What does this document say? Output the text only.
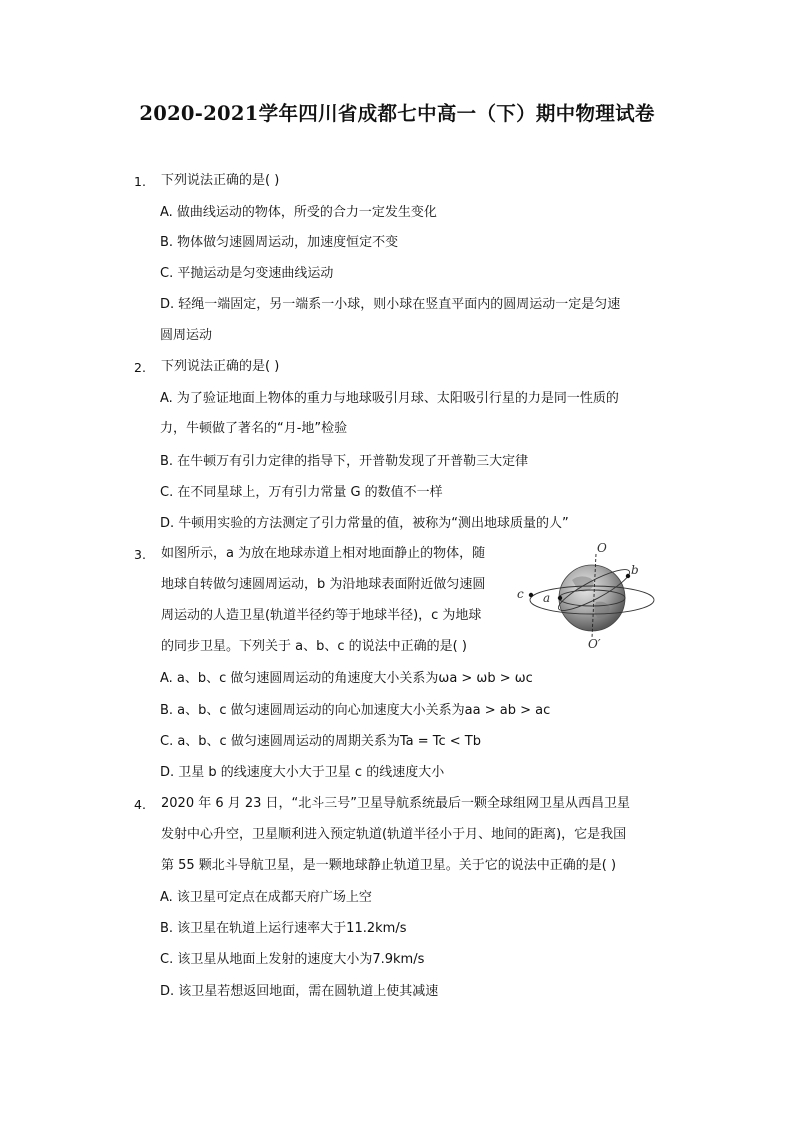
2020-2021学年四川省成都七中高一（下）期中物理试卷
1. 下列说法正确的是( )
A. 做曲线运动的物体，所受的合力一定发生变化
B. 物体做匀速圆周运动，加速度恒定不变
C. 平抛运动是匀变速曲线运动
D. 轻绳一端固定，另一端系一小球，则小球在竖直平面内的圆周运动一定是匀速
圆周运动
2. 下列说法正确的是( )
A. 为了验证地面上物体的重力与地球吸引月球、太阳吸引行星的力是同一性质的
力，牛顿做了著名的“月-地”检验
B. 在牛顿万有引力定律的指导下，开普勒发现了开普勒三大定律
C. 在不同星球上，万有引力常量 G 的数值不一样
D. 牛顿用实验的方法测定了引力常量的值，被称为“测出地球质量的人”
3. 如图所示，a 为放在地球赤道上相对地面静止的物体，随
地球自转做匀速圆周运动，b 为沿地球表面附近做匀速圆
周运动的人造卫星(轨道半径约等于地球半径)，c 为地球
的同步卫星。下列关于 a、b、c 的说法中正确的是( )
A. a、b、c 做匀速圆周运动的角速度大小关系为ωa > ωb > ωc
B. a、b、c 做匀速圆周运动的向心加速度大小关系为aa > ab > ac
C. a、b、c 做匀速圆周运动的周期关系为Ta = Tc < Tb
D. 卫星 b 的线速度大小大于卫星 c 的线速度大小
O
O′
a
b
c
4. 2020 年 6 月 23 日，“北斗三号”卫星导航系统最后一颗全球组网卫星从西昌卫星
发射中心升空，卫星顺利进入预定轨道(轨道半径小于月、地间的距离)，它是我国
第 55 颗北斗导航卫星，是一颗地球静止轨道卫星。关于它的说法中正确的是( )
A. 该卫星可定点在成都天府广场上空
B. 该卫星在轨道上运行速率大于11.2km/s
C. 该卫星从地面上发射的速度大小为7.9km/s
D. 该卫星若想返回地面，需在圆轨道上使其减速
